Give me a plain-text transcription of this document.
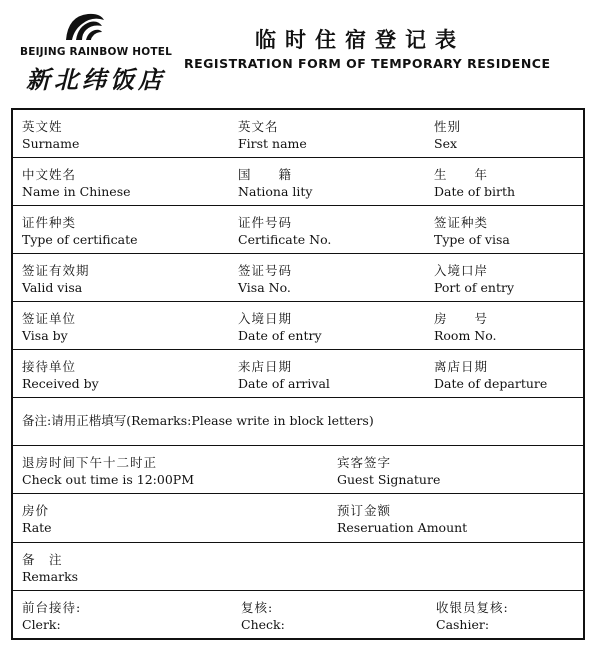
BEIJING RAINBOW HOTEL
新北纬饭店
临时住宿登记表
REGISTRATION FORM OF TEMPORARY RESIDENCE
英文姓
Surname
英文名
First name
性别
Sex
中文姓名
Name in Chinese
国　　籍
Nationa lity
生　　年
Date of birth
证件种类
Type of certificate
证件号码
Certificate No.
签证种类
Type of visa
签证有效期
Valid visa
签证号码
Visa No.
入境口岸
Port of entry
签证单位
Visa by
入境日期
Date of entry
房　　号
Room No.
接待单位
Received by
来店日期
Date of arrival
离店日期
Date of departure
备注:请用正楷填写(Remarks:Please write in block letters)
退房时间下午十二时正
Check out time is 12:00PM
宾客签字
Guest Signature
房价
Rate
预订金额
Reseruation Amount
备　注
Remarks
前台接待:
Clerk:
复核:
Check:
收银员复核:
Cashier:
